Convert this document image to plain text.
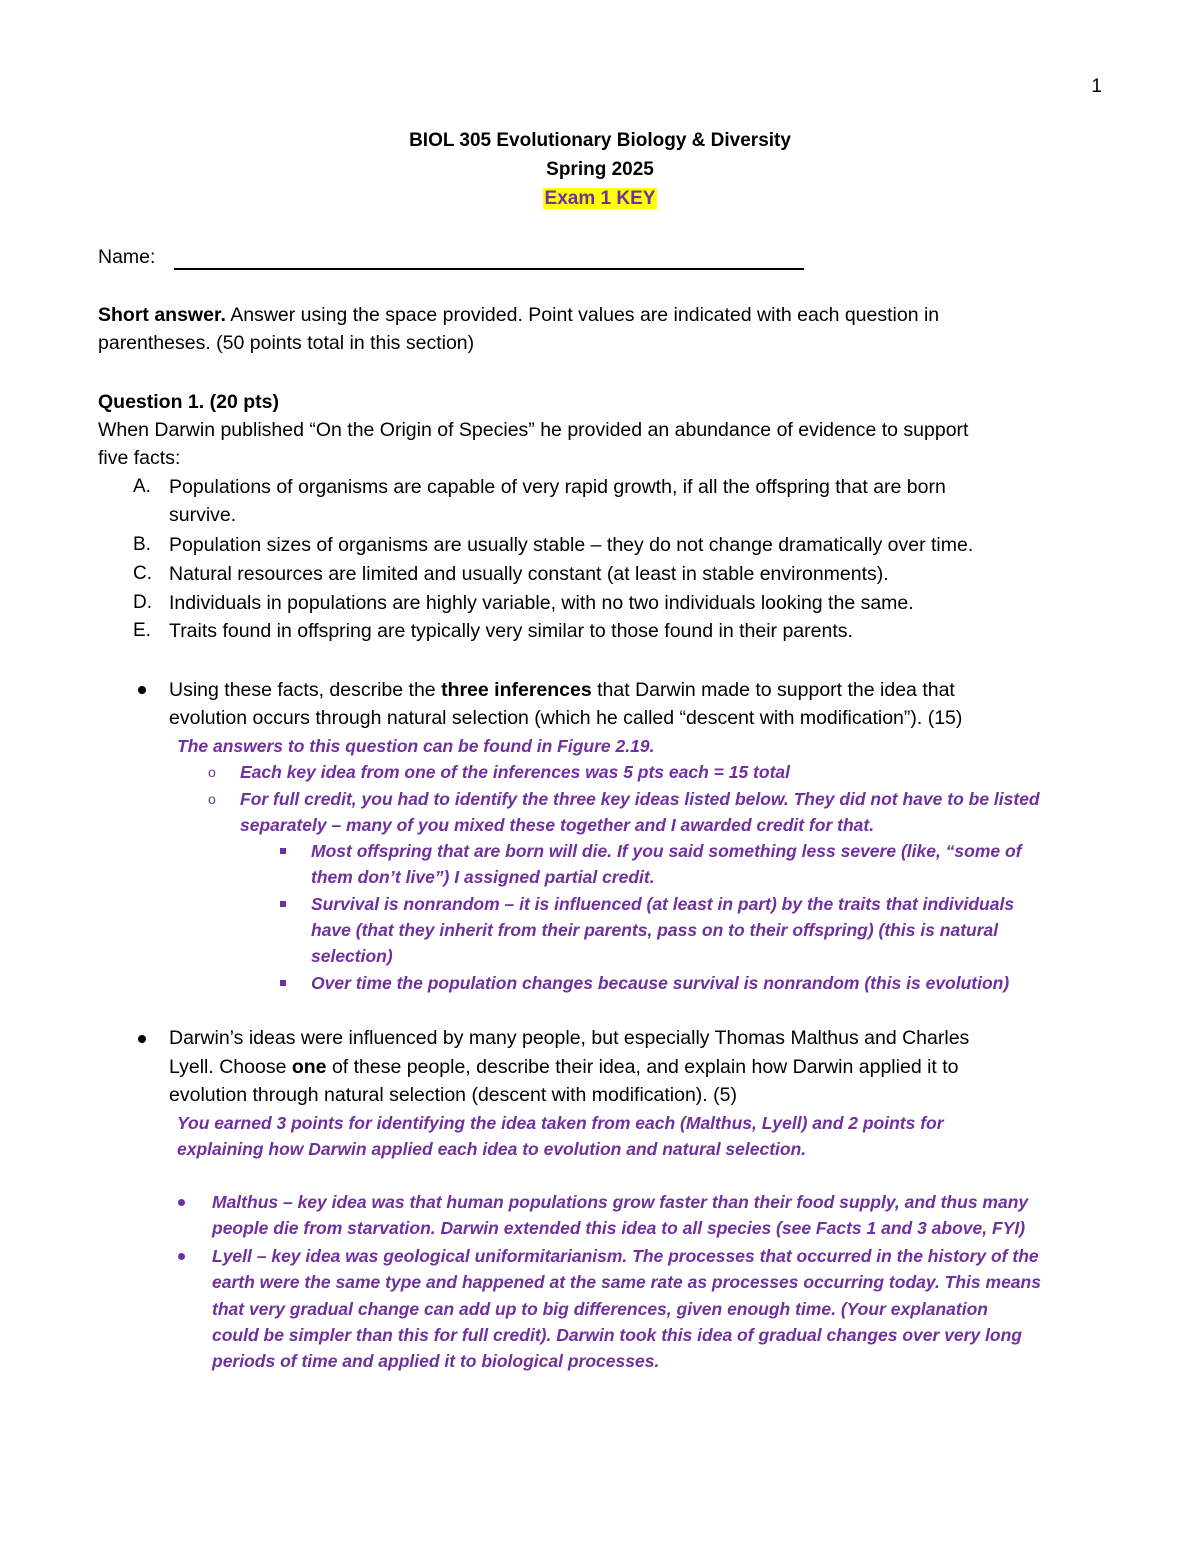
1
BIOL 305 Evolutionary Biology & Diversity
Spring 2025
Exam 1 KEY
Name:
Short answer. Answer using the space provided. Point values are indicated with each question in
parentheses. (50 points total in this section)
Question 1. (20 pts)
When Darwin published “On the Origin of Species” he provided an abundance of evidence to support
five facts:
A. Populations of organisms are capable of very rapid growth, if all the offspring that are born
survive.
B. Population sizes of organisms are usually stable – they do not change dramatically over time.
C. Natural resources are limited and usually constant (at least in stable environments).
D. Individuals in populations are highly variable, with no two individuals looking the same.
E. Traits found in offspring are typically very similar to those found in their parents.
Using these facts, describe the three inferences that Darwin made to support the idea that
evolution occurs through natural selection (which he called “descent with modification”). (15)
The answers to this question can be found in Figure 2.19.
o Each key idea from one of the inferences was 5 pts each = 15 total
o For full credit, you had to identify the three key ideas listed below. They did not have to be listed
separately – many of you mixed these together and I awarded credit for that.
Most offspring that are born will die. If you said something less severe (like, “some of
them don’t live”) I assigned partial credit.
Survival is nonrandom – it is influenced (at least in part) by the traits that individuals
have (that they inherit from their parents, pass on to their offspring) (this is natural
selection)
Over time the population changes because survival is nonrandom (this is evolution)
Darwin’s ideas were influenced by many people, but especially Thomas Malthus and Charles
Lyell. Choose one of these people, describe their idea, and explain how Darwin applied it to
evolution through natural selection (descent with modification). (5)
You earned 3 points for identifying the idea taken from each (Malthus, Lyell) and 2 points for
explaining how Darwin applied each idea to evolution and natural selection.
Malthus – key idea was that human populations grow faster than their food supply, and thus many
people die from starvation. Darwin extended this idea to all species (see Facts 1 and 3 above, FYI)
Lyell – key idea was geological uniformitarianism. The processes that occurred in the history of the
earth were the same type and happened at the same rate as processes occurring today. This means
that very gradual change can add up to big differences, given enough time. (Your explanation
could be simpler than this for full credit). Darwin took this idea of gradual changes over very long
periods of time and applied it to biological processes.
